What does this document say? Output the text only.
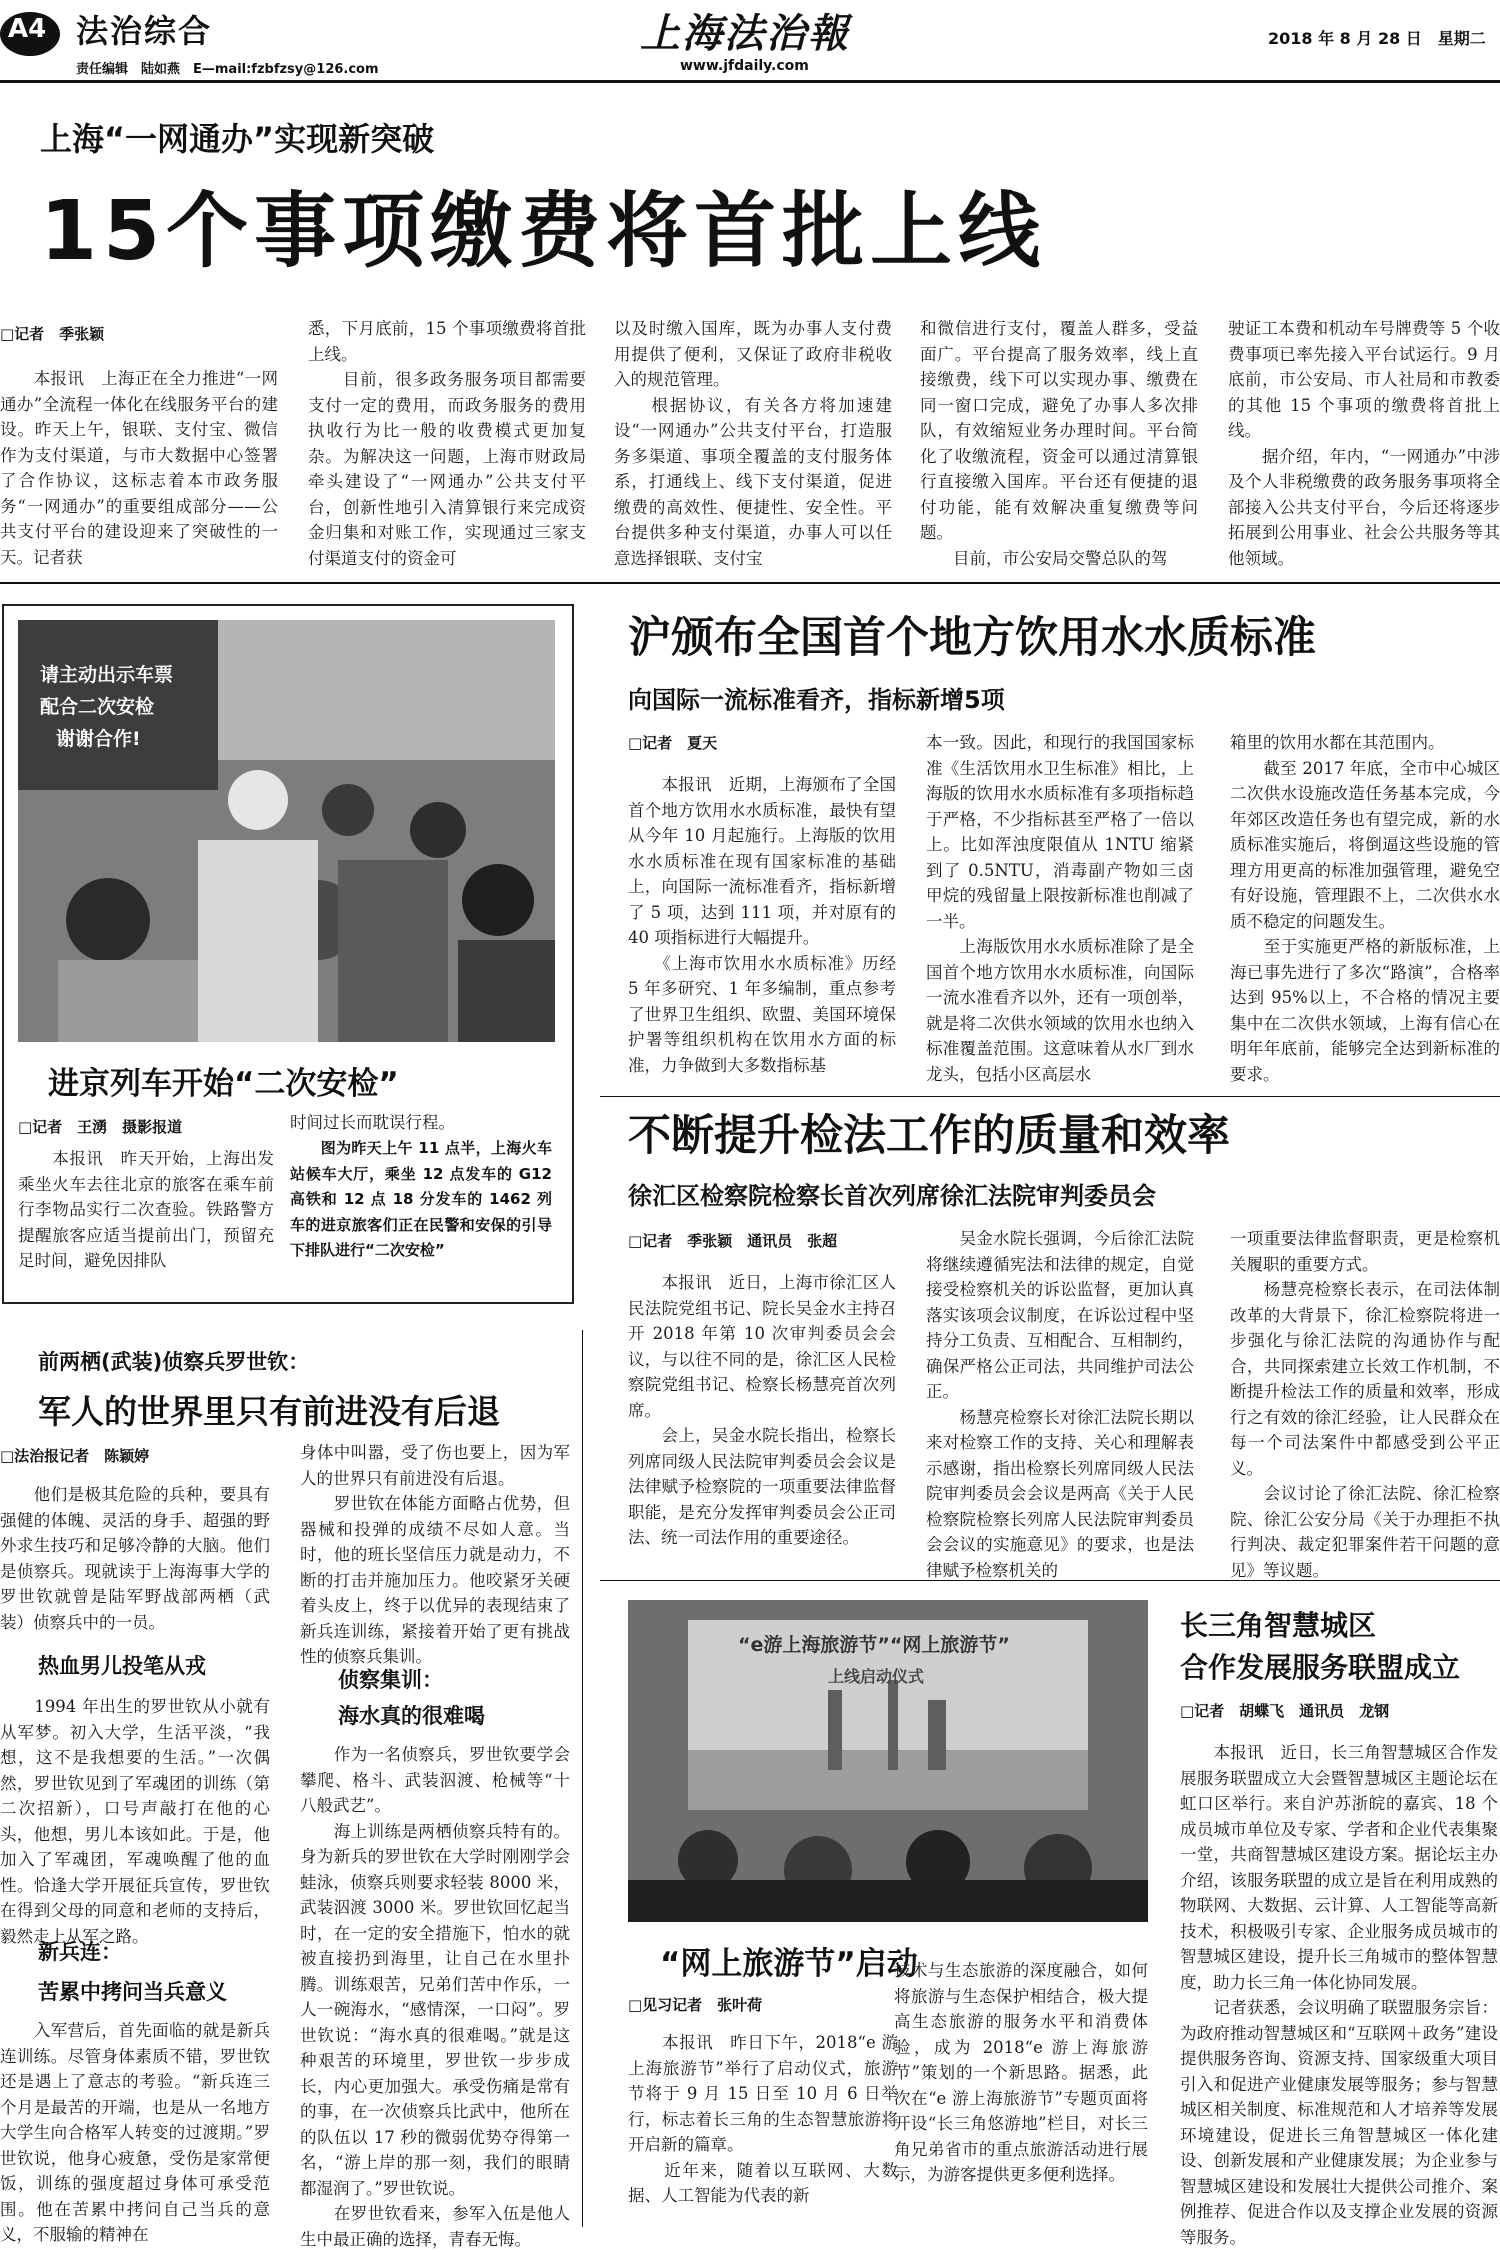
A4 法治综合
责任编辑　陆如燕　E—mail:fzbfzsy@126.com
上海法治報
www.jfdaily.com
2018 年 8 月 28 日　星期二
上海“一网通办”实现新突破
15个事项缴费将首批上线
□记者　季张颖
　　本报讯　上海正在全力推进“一网通办”全流程一体化在线服务平台的建设。昨天上午，银联、支付宝、微信作为支付渠道，与市大数据中心签署了合作协议，这标志着本市政务服务“一网通办”的重要组成部分——公共支付平台的建设迎来了突破性的一天。记者获
悉，下月底前，15 个事项缴费将首批上线。
　　目前，很多政务服务项目都需要支付一定的费用，而政务服务的费用执收行为比一般的收费模式更加复杂。为解决这一问题，上海市财政局牵头建设了“一网通办”公共支付平台，创新性地引入清算银行来完成资金归集和对账工作，实现通过三家支付渠道支付的资金可
以及时缴入国库，既为办事人支付费用提供了便利，又保证了政府非税收入的规范管理。
　　根据协议，有关各方将加速建设“一网通办”公共支付平台，打造服务多渠道、事项全覆盖的支付服务体系，打通线上、线下支付渠道，促进缴费的高效性、便捷性、安全性。平台提供多种支付渠道，办事人可以任意选择银联、支付宝
和微信进行支付，覆盖人群多，受益面广。平台提高了服务效率，线上直接缴费，线下可以实现办事、缴费在同一窗口完成，避免了办事人多次排队，有效缩短业务办理时间。平台简化了收缴流程，资金可以通过清算银行直接缴入国库。平台还有便捷的退付功能，能有效解决重复缴费等问题。
　　目前，市公安局交警总队的驾
驶证工本费和机动车号牌费等 5 个收费事项已率先接入平台试运行。9 月底前，市公安局、市人社局和市教委的其他 15 个事项的缴费将首批上线。
　　据介绍，年内，“一网通办”中涉及个人非税缴费的政务服务事项将全部接入公共支付平台，今后还将逐步拓展到公用事业、社会公共服务等其他领域。
请主动出示车票
配合二次安检
谢谢合作!
进京列车开始“二次安检”
□记者　王湧　摄影报道
　　本报讯　昨天开始，上海出发乘坐火车去往北京的旅客在乘车前行李物品实行二次查验。铁路警方提醒旅客应适当提前出门，预留充足时间，避免因排队
时间过长而耽误行程。
　　图为昨天上午 11 点半，上海火车站候车大厅，乘坐 12 点发车的 G12 高铁和 12 点 18 分发车的 1462 列车的进京旅客们正在民警和安保的引导下排队进行“二次安检”
沪颁布全国首个地方饮用水水质标准
向国际一流标准看齐，指标新增5项
□记者　夏天
　　本报讯　近期，上海颁布了全国首个地方饮用水水质标准，最快有望从今年 10 月起施行。上海版的饮用水水质标准在现有国家标准的基础上，向国际一流标准看齐，指标新增了 5 项，达到 111 项，并对原有的 40 项指标进行大幅提升。
　　《上海市饮用水水质标准》历经 5 年多研究、1 年多编制，重点参考了世界卫生组织、欧盟、美国环境保护署等组织机构在饮用水方面的标准，力争做到大多数指标基
本一致。因此，和现行的我国国家标准《生活饮用水卫生标准》相比，上海版的饮用水水质标准有多项指标趋于严格，不少指标甚至严格了一倍以上。比如浑浊度限值从 1NTU 缩紧到了 0.5NTU，消毒副产物如三卤甲烷的残留量上限按新标准也削减了一半。
　　上海版饮用水水质标准除了是全国首个地方饮用水水质标准，向国际一流水准看齐以外，还有一项创举，就是将二次供水领域的饮用水也纳入标准覆盖范围。这意味着从水厂到水龙头，包括小区高层水
箱里的饮用水都在其范围内。
　　截至 2017 年底，全市中心城区二次供水设施改造任务基本完成，今年郊区改造任务也有望完成，新的水质标准实施后，将倒逼这些设施的管理方用更高的标准加强管理，避免空有好设施，管理跟不上，二次供水水质不稳定的问题发生。
　　至于实施更严格的新版标准，上海已事先进行了多次“路演”，合格率达到 95%以上，不合格的情况主要集中在二次供水领域，上海有信心在明年年底前，能够完全达到新标准的要求。
不断提升检法工作的质量和效率
徐汇区检察院检察长首次列席徐汇法院审判委员会
□记者　季张颖　通讯员　张超
　　本报讯　近日，上海市徐汇区人民法院党组书记、院长吴金水主持召开 2018 年第 10 次审判委员会会议，与以往不同的是，徐汇区人民检察院党组书记、检察长杨慧亮首次列席。
　　会上，吴金水院长指出，检察长列席同级人民法院审判委员会会议是法律赋予检察院的一项重要法律监督职能，是充分发挥审判委员会公正司法、统一司法作用的重要途径。
　　吴金水院长强调，今后徐汇法院将继续遵循宪法和法律的规定，自觉接受检察机关的诉讼监督，更加认真落实该项会议制度，在诉讼过程中坚持分工负责、互相配合、互相制约，确保严格公正司法，共同维护司法公正。
　　杨慧亮检察长对徐汇法院长期以来对检察工作的支持、关心和理解表示感谢，指出检察长列席同级人民法院审判委员会会议是两高《关于人民检察院检察长列席人民法院审判委员会会议的实施意见》的要求，也是法律赋予检察机关的
一项重要法律监督职责，更是检察机关履职的重要方式。
　　杨慧亮检察长表示，在司法体制改革的大背景下，徐汇检察院将进一步强化与徐汇法院的沟通协作与配合，共同探索建立长效工作机制，不断提升检法工作的质量和效率，形成行之有效的徐汇经验，让人民群众在每一个司法案件中都感受到公平正义。
　　会议讨论了徐汇法院、徐汇检察院、徐汇公安分局《关于办理拒不执行判决、裁定犯罪案件若干问题的意见》等议题。
前两栖(武装)侦察兵罗世钦：
军人的世界里只有前进没有后退
□法治报记者　陈颖婷
　　他们是极其危险的兵种，要具有强健的体魄、灵活的身手、超强的野外求生技巧和足够冷静的大脑。他们是侦察兵。现就读于上海海事大学的罗世钦就曾是陆军野战部两栖（武装）侦察兵中的一员。
热血男儿投笔从戎
　　1994 年出生的罗世钦从小就有从军梦。初入大学，生活平淡，“我想，这不是我想要的生活。”一次偶然，罗世钦见到了军魂团的训练（第二次招新），口号声敲打在他的心头，他想，男儿本该如此。于是，他加入了军魂团，军魂唤醒了他的血性。恰逢大学开展征兵宣传，罗世钦在得到父母的同意和老师的支持后，毅然走上从军之路。
新兵连：
苦累中拷问当兵意义
　　入军营后，首先面临的就是新兵连训练。尽管身体素质不错，罗世钦还是遇上了意志的考验。“新兵连三个月是最苦的开端，也是从一名地方大学生向合格军人转变的过渡期。”罗世钦说，他身心疲惫，受伤是家常便饭，训练的强度超过身体可承受范围。他在苦累中拷问自己当兵的意义，不服输的精神在
身体中叫嚣，受了伤也要上，因为军人的世界只有前进没有后退。
　　罗世钦在体能方面略占优势，但器械和投弹的成绩不尽如人意。当时，他的班长坚信压力就是动力，不断的打击并施加压力。他咬紧牙关硬着头皮上，终于以优异的表现结束了新兵连训练，紧接着开始了更有挑战性的侦察兵集训。
侦察集训：
海水真的很难喝
　　作为一名侦察兵，罗世钦要学会攀爬、格斗、武装泅渡、枪械等“十八般武艺”。
　　海上训练是两栖侦察兵特有的。身为新兵的罗世钦在大学时刚刚学会蛙泳，侦察兵则要求轻装 8000 米，武装泅渡 3000 米。罗世钦回忆起当时，在一定的安全措施下，怕水的就被直接扔到海里，让自己在水里扑腾。训练艰苦，兄弟们苦中作乐，一人一碗海水，“感情深，一口闷”。罗世钦说：“海水真的很难喝。”就是这种艰苦的环境里，罗世钦一步步成长，内心更加强大。承受伤痛是常有的事，在一次侦察兵比武中，他所在的队伍以 17 秒的微弱优势夺得第一名，“游上岸的那一刻，我们的眼睛都湿润了。”罗世钦说。
　　在罗世钦看来，参军入伍是他人生中最正确的选择，青春无悔。
“e游上海旅游节”“网上旅游节”
上线启动仪式
“网上旅游节”启动
□见习记者　张叶荷
　　本报讯　昨日下午，2018“e 游上海旅游节”举行了启动仪式，旅游节将于 9 月 15 日至 10 月 6 日举行，标志着长三角的生态智慧旅游将开启新的篇章。
　　近年来，随着以互联网、大数据、人工智能为代表的新
技术与生态旅游的深度融合，如何将旅游与生态保护相结合，极大提高生态旅游的服务水平和消费体验，成为 2018“e 游上海旅游节”策划的一个新思路。据悉，此次在“e 游上海旅游节”专题页面将开设“长三角悠游地”栏目，对长三角兄弟省市的重点旅游活动进行展示，为游客提供更多便利选择。
长三角智慧城区
合作发展服务联盟成立
□记者　胡蝶飞　通讯员　龙钢
　　本报讯　近日，长三角智慧城区合作发展服务联盟成立大会暨智慧城区主题论坛在虹口区举行。来自沪苏浙皖的嘉宾、18 个成员城市单位及专家、学者和企业代表集聚一堂，共商智慧城区建设方案。据论坛主办介绍，该服务联盟的成立是旨在利用成熟的物联网、大数据、云计算、人工智能等高新技术，积极吸引专家、企业服务成员城市的智慧城区建设，提升长三角城市的整体智慧度，助力长三角一体化协同发展。
　　记者获悉，会议明确了联盟服务宗旨：为政府推动智慧城区和“互联网＋政务”建设提供服务咨询、资源支持、国家级重大项目引入和促进产业健康发展等服务；参与智慧城区相关制度、标准规范和人才培养等发展环境建设，促进长三角智慧城区一体化建设、创新发展和产业健康发展；为企业参与智慧城区建设和发展壮大提供公司推介、案例推荐、促进合作以及支撑企业发展的资源等服务。
